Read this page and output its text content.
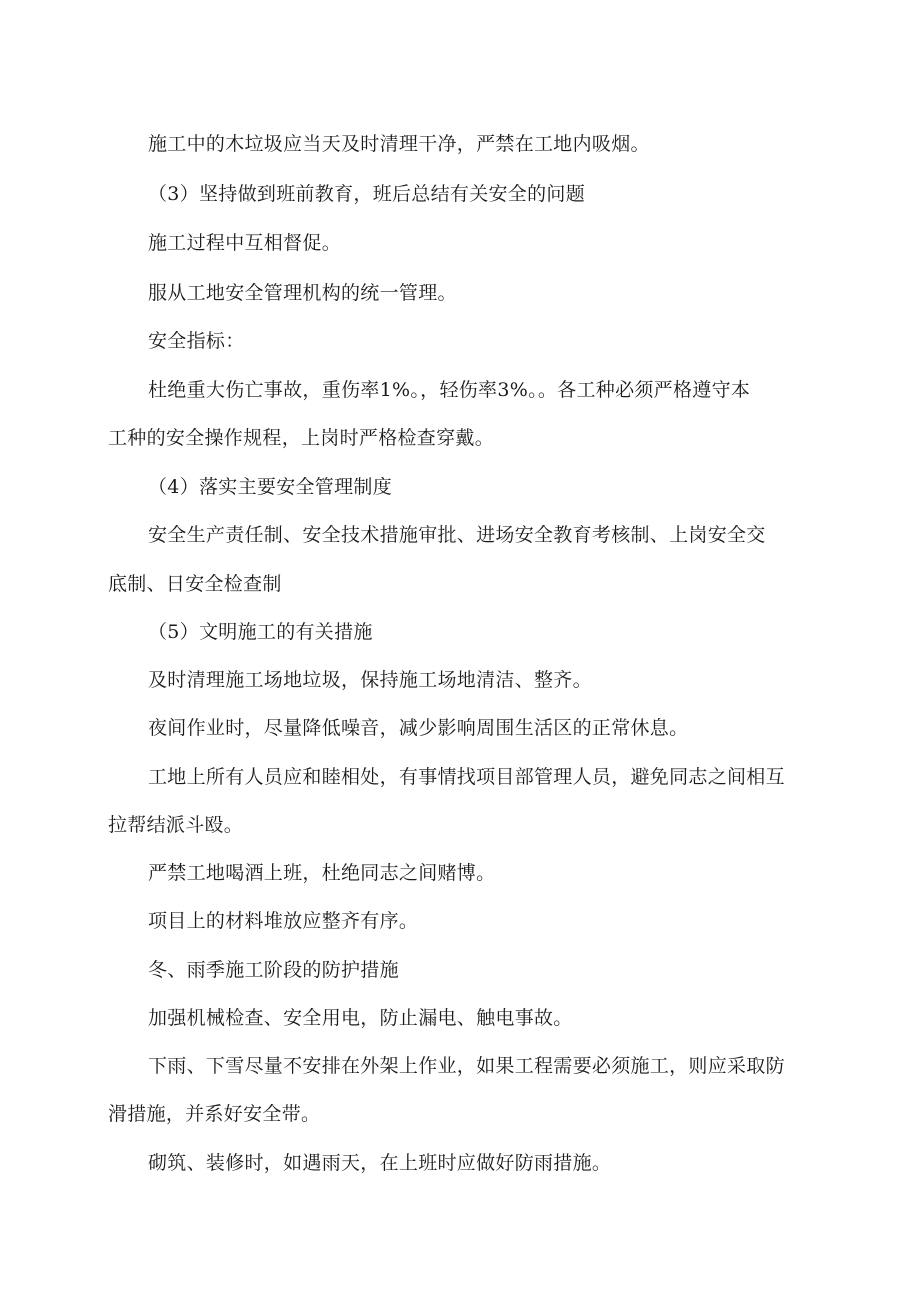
施工中的木垃圾应当天及时清理干净，严禁在工地内吸烟。

（3）坚持做到班前教育，班后总结有关安全的问题

施工过程中互相督促。

服从工地安全管理机构的统一管理。

安全指标：

杜绝重大伤亡事故，重伤率1%。，轻伤率3%。。各工种必须严格遵守本

工种的安全操作规程，上岗时严格检查穿戴。

（4）落实主要安全管理制度

安全生产责任制、安全技术措施审批、进场安全教育考核制、上岗安全交

底制、日安全检查制

（5）文明施工的有关措施

及时清理施工场地垃圾，保持施工场地清洁、整齐。

夜间作业时，尽量降低噪音，减少影响周围生活区的正常休息。

工地上所有人员应和睦相处，有事情找项目部管理人员，避免同志之间相互

拉帮结派斗殴。

严禁工地喝酒上班，杜绝同志之间赌博。

项目上的材料堆放应整齐有序。

冬、雨季施工阶段的防护措施

加强机械检查、安全用电，防止漏电、触电事故。

下雨、下雪尽量不安排在外架上作业，如果工程需要必须施工，则应采取防

滑措施，并系好安全带。

砌筑、装修时，如遇雨天，在上班时应做好防雨措施。
